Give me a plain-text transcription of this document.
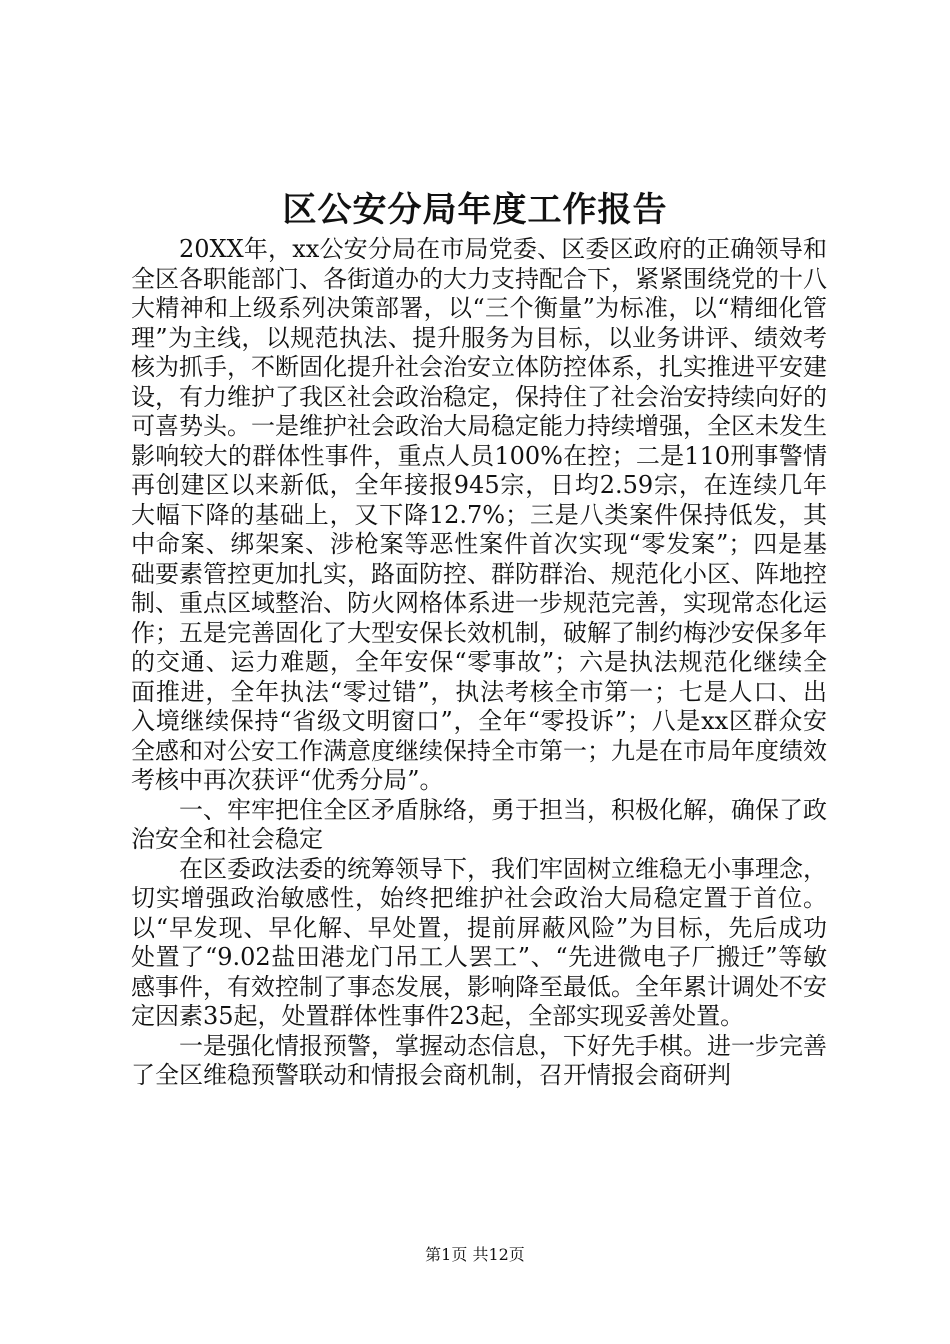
区公安分局年度工作报告

20XX年，xx公安分局在市局党委、区委区政府的正确领导和全区各职能部门、各街道办的大力支持配合下，紧紧围绕党的十八大精神和上级系列决策部署，以“三个衡量”为标准，以“精细化管理”为主线，以规范执法、提升服务为目标，以业务讲评、绩效考核为抓手，不断固化提升社会治安立体防控体系，扎实推进平安建设，有力维护了我区社会政治稳定，保持住了社会治安持续向好的可喜势头。一是维护社会政治大局稳定能力持续增强，全区未发生影响较大的群体性事件，重点人员100%在控；二是110刑事警情再创建区以来新低，全年接报945宗，日均2.59宗，在连续几年大幅下降的基础上，又下降12.7%；三是八类案件保持低发，其中命案、绑架案、涉枪案等恶性案件首次实现“零发案”；四是基础要素管控更加扎实，路面防控、群防群治、规范化小区、阵地控制、重点区域整治、防火网格体系进一步规范完善，实现常态化运作；五是完善固化了大型安保长效机制，破解了制约梅沙安保多年的交通、运力难题，全年安保“零事故”；六是执法规范化继续全面推进，全年执法“零过错”，执法考核全市第一；七是人口、出入境继续保持“省级文明窗口”，全年“零投诉”；八是xx区群众安全感和对公安工作满意度继续保持全市第一；九是在市局年度绩效考核中再次获评“优秀分局”。

一、牢牢把住全区矛盾脉络，勇于担当，积极化解，确保了政治安全和社会稳定

在区委政法委的统筹领导下，我们牢固树立维稳无小事理念，切实增强政治敏感性，始终把维护社会政治大局稳定置于首位。以“早发现、早化解、早处置，提前屏蔽风险”为目标，先后成功处置了“9.02盐田港龙门吊工人罢工”、“先进微电子厂搬迁”等敏感事件，有效控制了事态发展，影响降至最低。全年累计调处不安定因素35起，处置群体性事件23起，全部实现妥善处置。

一是强化情报预警，掌握动态信息，下好先手棋。进一步完善了全区维稳预警联动和情报会商机制，召开情报会商研判

第1页 共12页
